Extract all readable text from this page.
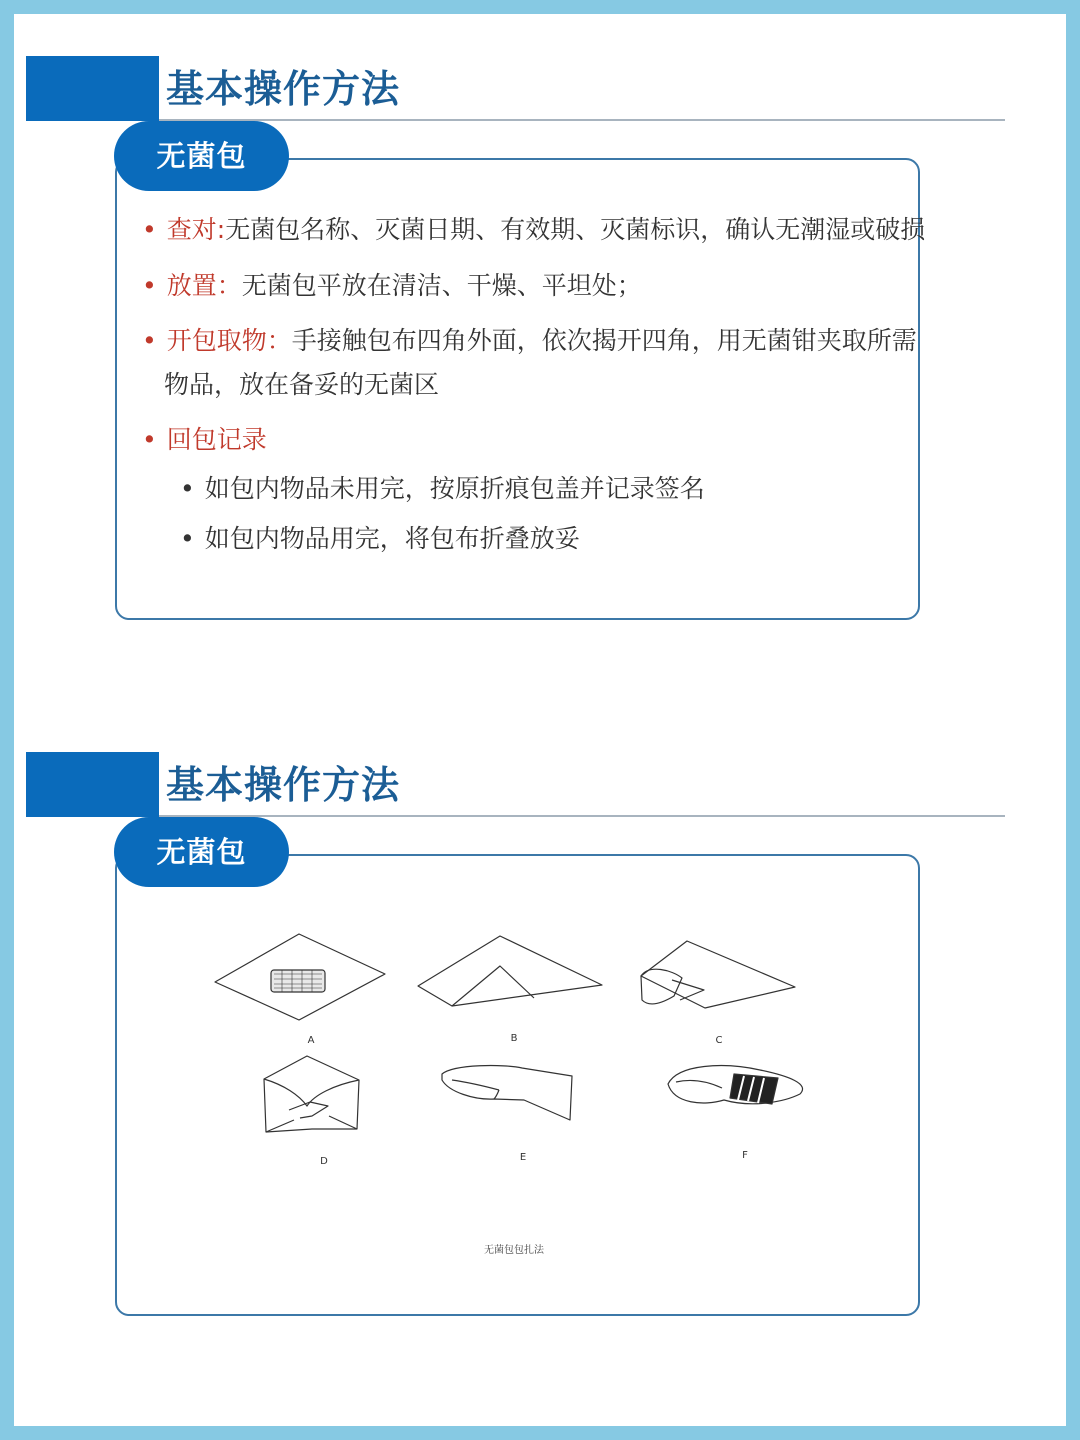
基本操作方法
无菌包
• 查对:无菌包名称、灭菌日期、有效期、灭菌标识，确认无潮湿或破损
• 放置：无菌包平放在清洁、干燥、平坦处；
• 开包取物：手接触包布四角外面，依次揭开四角，用无菌钳夹取所需
物品，放在备妥的无菌区
• 回包记录
• 如包内物品未用完，按原折痕包盖并记录签名
• 如包内物品用完，将包布折叠放妥
基本操作方法
无菌包
A	B	C
D	E	F
无菌包包扎法
